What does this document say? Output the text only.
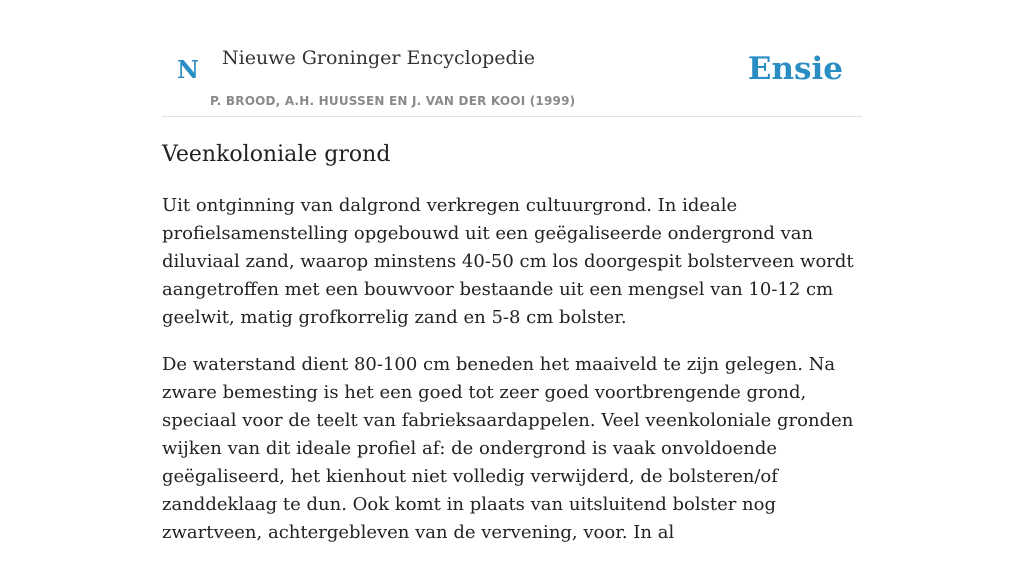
N Nieuwe Groninger Encyclopedie
P. BROOD, A.H. HUUSSEN EN J. VAN DER KOOI (1999)
Ensie
Veenkoloniale grond

Uit ontginning van dalgrond verkregen cultuurgrond. In ideale profielsamenstelling opgebouwd uit een geëgaliseerde ondergrond van diluviaal zand, waarop minstens 40-50 cm los doorgespit bolsterveen wordt aangetroffen met een bouwvoor bestaande uit een mengsel van 10-12 cm geelwit, matig grofkorrelig zand en 5-8 cm bolster.

De waterstand dient 80-100 cm beneden het maaiveld te zijn gelegen. Na zware bemesting is het een goed tot zeer goed voortbrengende grond, speciaal voor de teelt van fabrieksaardappelen. Veel veenkoloniale gronden wijken van dit ideale profiel af: de ondergrond is vaak onvoldoende geëgaliseerd, het kienhout niet volledig verwijderd, de bolsteren/of zanddeklaag te dun. Ook komt in plaats van uitsluitend bolster nog zwartveen, achtergebleven van de vervening, voor. In al
